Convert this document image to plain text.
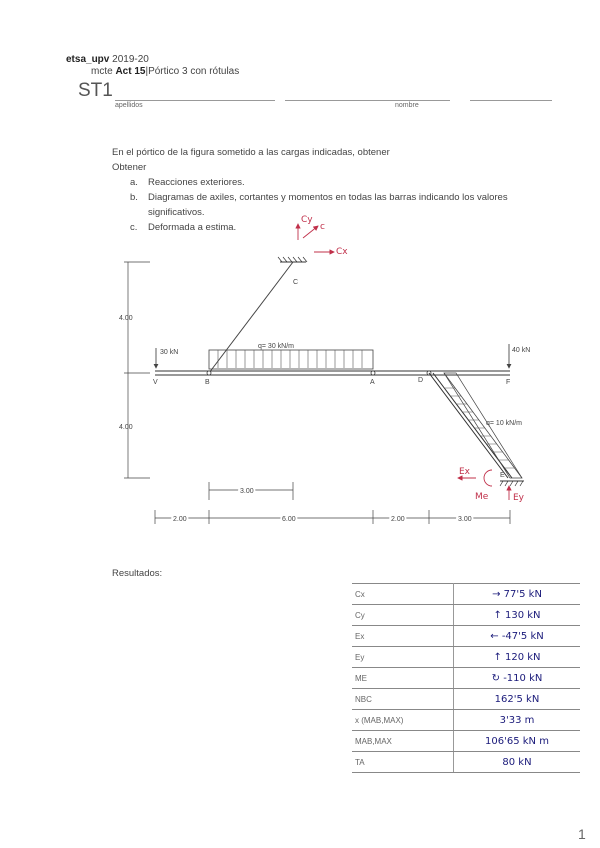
etsa_upv 2019-20
mcte Act 15|Pórtico 3 con rótulas
ST1
apellidos	nombre
En el pórtico de la figura sometido a las cargas indicadas, obtener
Obtener
a. Reacciones exteriores.
b. Diagramas de axiles, cortantes y momentos en todas las barras indicando los valores
significativos.
c. Deformada a estima.
C
q= 30 kN/m
q= 10 kN/m
30 kN	40 kN
V	B	A	D	F
E
4.00
4.00
2.00	6.00	2.00	3.00
3.00
Cy
c
Cx
Ex
Me	Ey
Resultados:
Cx	→ 77'5 kN
Cy	↑ 130 kN
Ex	← -47'5 kN
Ey	↑ 120 kN
ME	↻ -110 kN
NBC	162'5 kN
x (MAB,MAX)	3'33 m
MAB,MAX	106'65 kN m
TA	80 kN
1
